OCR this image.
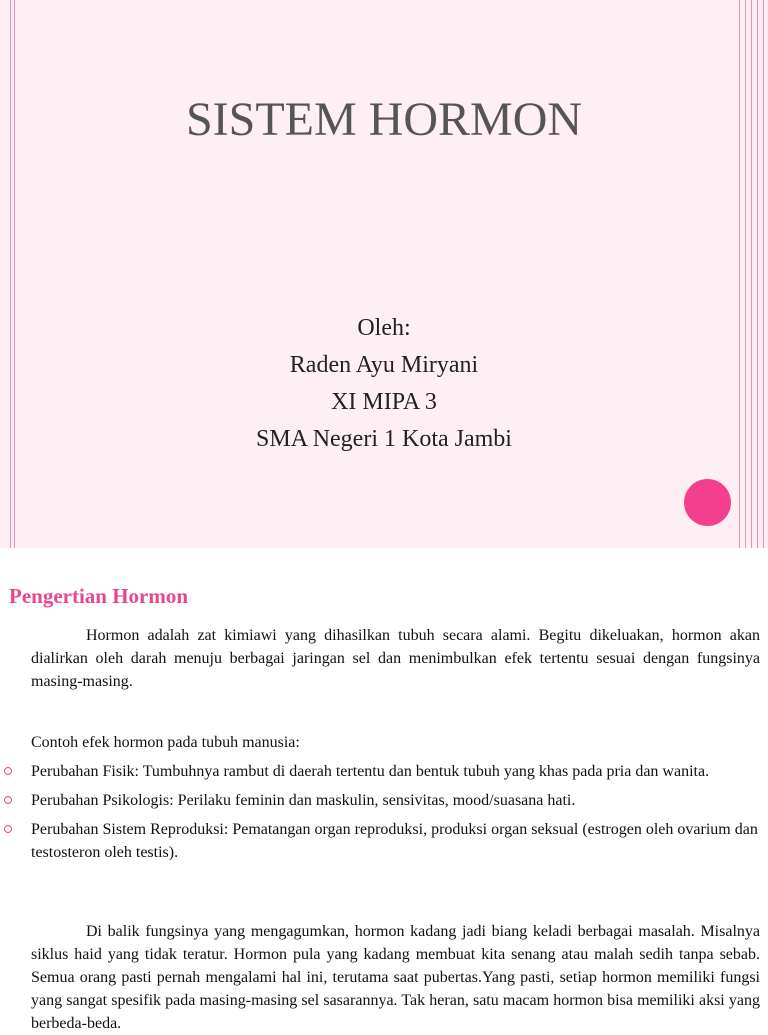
SISTEM HORMON
Oleh:
Raden Ayu Miryani
XI MIPA 3
SMA Negeri 1 Kota Jambi
Pengertian Hormon
Hormon adalah zat kimiawi yang dihasilkan tubuh secara alami. Begitu dikeluakan, hormon akan dialirkan oleh darah menuju berbagai jaringan sel dan menimbulkan efek tertentu sesuai dengan fungsinya masing-masing.
Contoh efek hormon pada tubuh manusia:
Perubahan Fisik: Tumbuhnya rambut di daerah tertentu dan bentuk tubuh yang khas pada pria dan wanita.
Perubahan Psikologis: Perilaku feminin dan maskulin, sensivitas, mood/suasana hati.
Perubahan Sistem Reproduksi: Pematangan organ reproduksi, produksi organ seksual (estrogen oleh ovarium dan testosteron oleh testis).
Di balik fungsinya yang mengagumkan, hormon kadang jadi biang keladi berbagai masalah. Misalnya siklus haid yang tidak teratur. Hormon pula yang kadang membuat kita senang atau malah sedih tanpa sebab. Semua orang pasti pernah mengalami hal ini, terutama saat pubertas.Yang pasti, setiap hormon memiliki fungsi yang sangat spesifik pada masing-masing sel sasarannya. Tak heran, satu macam hormon bisa memiliki aksi yang berbeda-beda.
